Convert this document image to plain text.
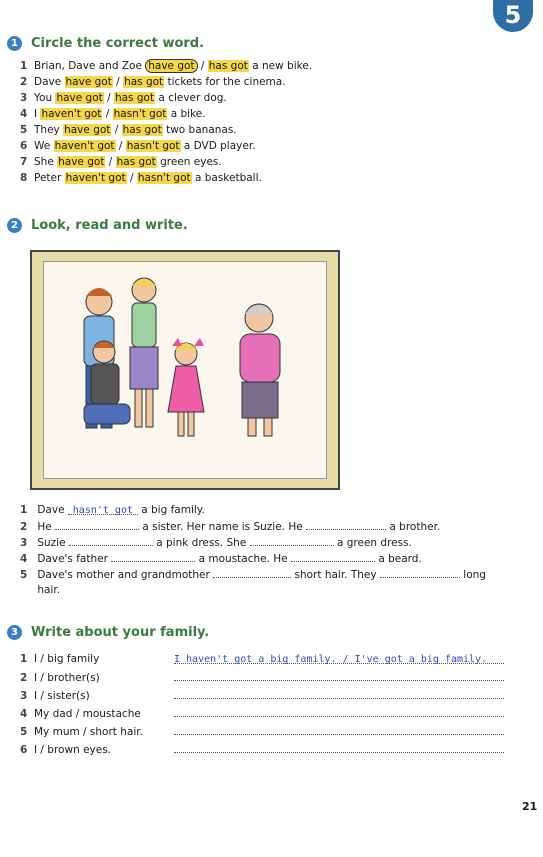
5
1	Circle the correct word.
1 Brian, Dave and Zoe have got / has got a new bike.
2 Dave have got / has got tickets for the cinema.
3 You have got / has got a clever dog.
4 I haven't got / hasn't got a bike.
5 They have got / has got two bananas.
6 We haven't got / hasn't got a DVD player.
7 She have got / has got green eyes.
8 Peter haven't got / hasn't got a basketball.
2	Look, read and write.
1 Dave hasn't got a big family.
2 He	a sister. Her name is Suzie. He	a brother.
3 Suzie	a pink dress. She	a green dress.
4 Dave's father	a moustache. He	a beard.
5 Dave's mother and grandmother	short hair. They	long
hair.
3	Write about your family.
1 I / big family	I haven't got a big family. / I've got a big family.
2 I / brother(s)
3 I / sister(s)
4 My dad / moustache
5 My mum / short hair.
6 I / brown eyes.
21
